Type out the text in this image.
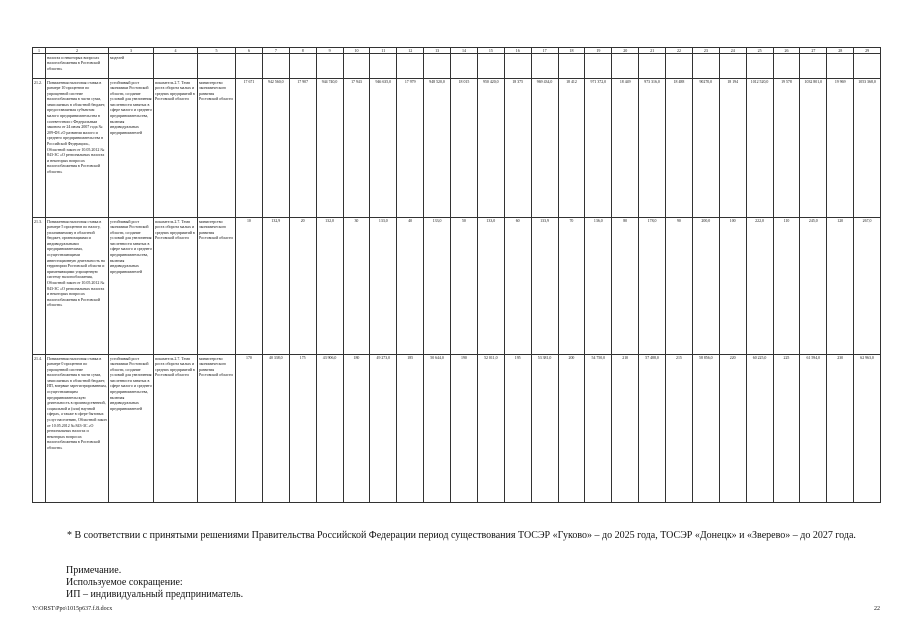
1	2	3	4	5	6	7	8	9	10	11	12	13	14	15	16	17	18	19	20	21	22	23	24	25	26	27	28	29
	налогах и некоторых вопросах налогообложения в Ростовской области»	моделей																										
21.2.	Пониженная налоговая ставка в размере 10 процентов по упрощенной системе налогообложения в части сумм, зачисляемых в областной бюджет, предоставляемая субъектам малого предпринимательства в соответствии с Федеральным законом от 24 июля 2007 года № 209-ФЗ «О развитии малого и среднего предпринимательства в Российской Федерации», Областной закон от 10.05.2012 № 843-ЗС «О региональных налогах и некоторых вопросах налогообложения в Ростовской области»	устойчивый рост экономики Ростовской области, создание условий для увеличения численности занятых в сфере малого и среднего предпринимательства, включая индивидуальных предпринимателей	показатель 2.7. Темп роста оборота малых и средних предприятий в Ростовской области	министерство экономического развития Ростовской области	17 671	942 560,0	17 907	944 740,0	17 943	946 635,0	17 979	948 520,0	18 015	950 420,0	18 375	969 434,0	18 412	971 372,0	18 449	973 316,0	18 488	90270,0	18 194	1012 520,0	19 578	1032 801,0	19 969	1053 368,0
21.3.	Пониженная налоговая ставка в размере 5 процентов по налогу, уплачиваемому в областной бюджет, организациями и индивидуальными предпринимателями, осуществляющими инвестиционную деятельность на территории Ростовской области и применяющими упрощенную систему налогообложения, Областной закон от 10.05.2012 № 843-ЗС «О региональных налогах и некоторых вопросах налогообложения в Ростовской области»	устойчивый рост экономики Ростовской области, создание условий для увеличения численности занятых в сфере малого и среднего предпринимательства, включая индивидуальных предпринимателей	показатель 2.7. Темп роста оборота малых и средних предприятий в Ростовской области	министерство экономического развития Ростовской области	10	132,9	20	132,0	30	133,0	40	133,0	50	133,0	60	133,9	70	136,0	80	178,0	90	200,0	100	222,0	110	245,0	120	267,0
21.4.	Пониженная налоговая ставка в размере 0 процентов по упрощенной системе налогообложения в части сумм, зачисляемых в областной бюджет, ИП, впервые зарегистрированным, осуществляющим предпринимательскую деятельность в производственной, социальной и (или) научной сферах, а также в сфере бытовых услуг населению, Областной закон от 10.05.2012 № 843-ЗС «О региональных налогах и некоторых вопросах налогообложения в Ростовской области»	устойчивый рост экономики Ростовской области, создание условий для увеличения численности занятых в сфере малого и среднего предпринимательства, включая индивидуальных предпринимателей	показатель 2.7. Темп роста оборота малых и средних предприятий в Ростовской области	министерство экономического развития Ростовской области	170	40 338,0	175	43 906,0	180	49 273,0	185	50 644,0	190	52 011,0	195	53 381,0	200	54 750,0	210	57 488,0	215	58 856,0	220	60 225,0	225	61 594,0	230	62 963,0
* В соответствии с принятыми решениями Правительства Российской Федерации период существования ТОСЭР «Гуково» – до 2025 года, ТОСЭР «Донецк» и «Зверево» – до 2027 года.
Примечание.
Используемое сокращение:
ИП – индивидуальный предприниматель.
Y:\ORST\Ppo\1015p637.f.8.docx	22
